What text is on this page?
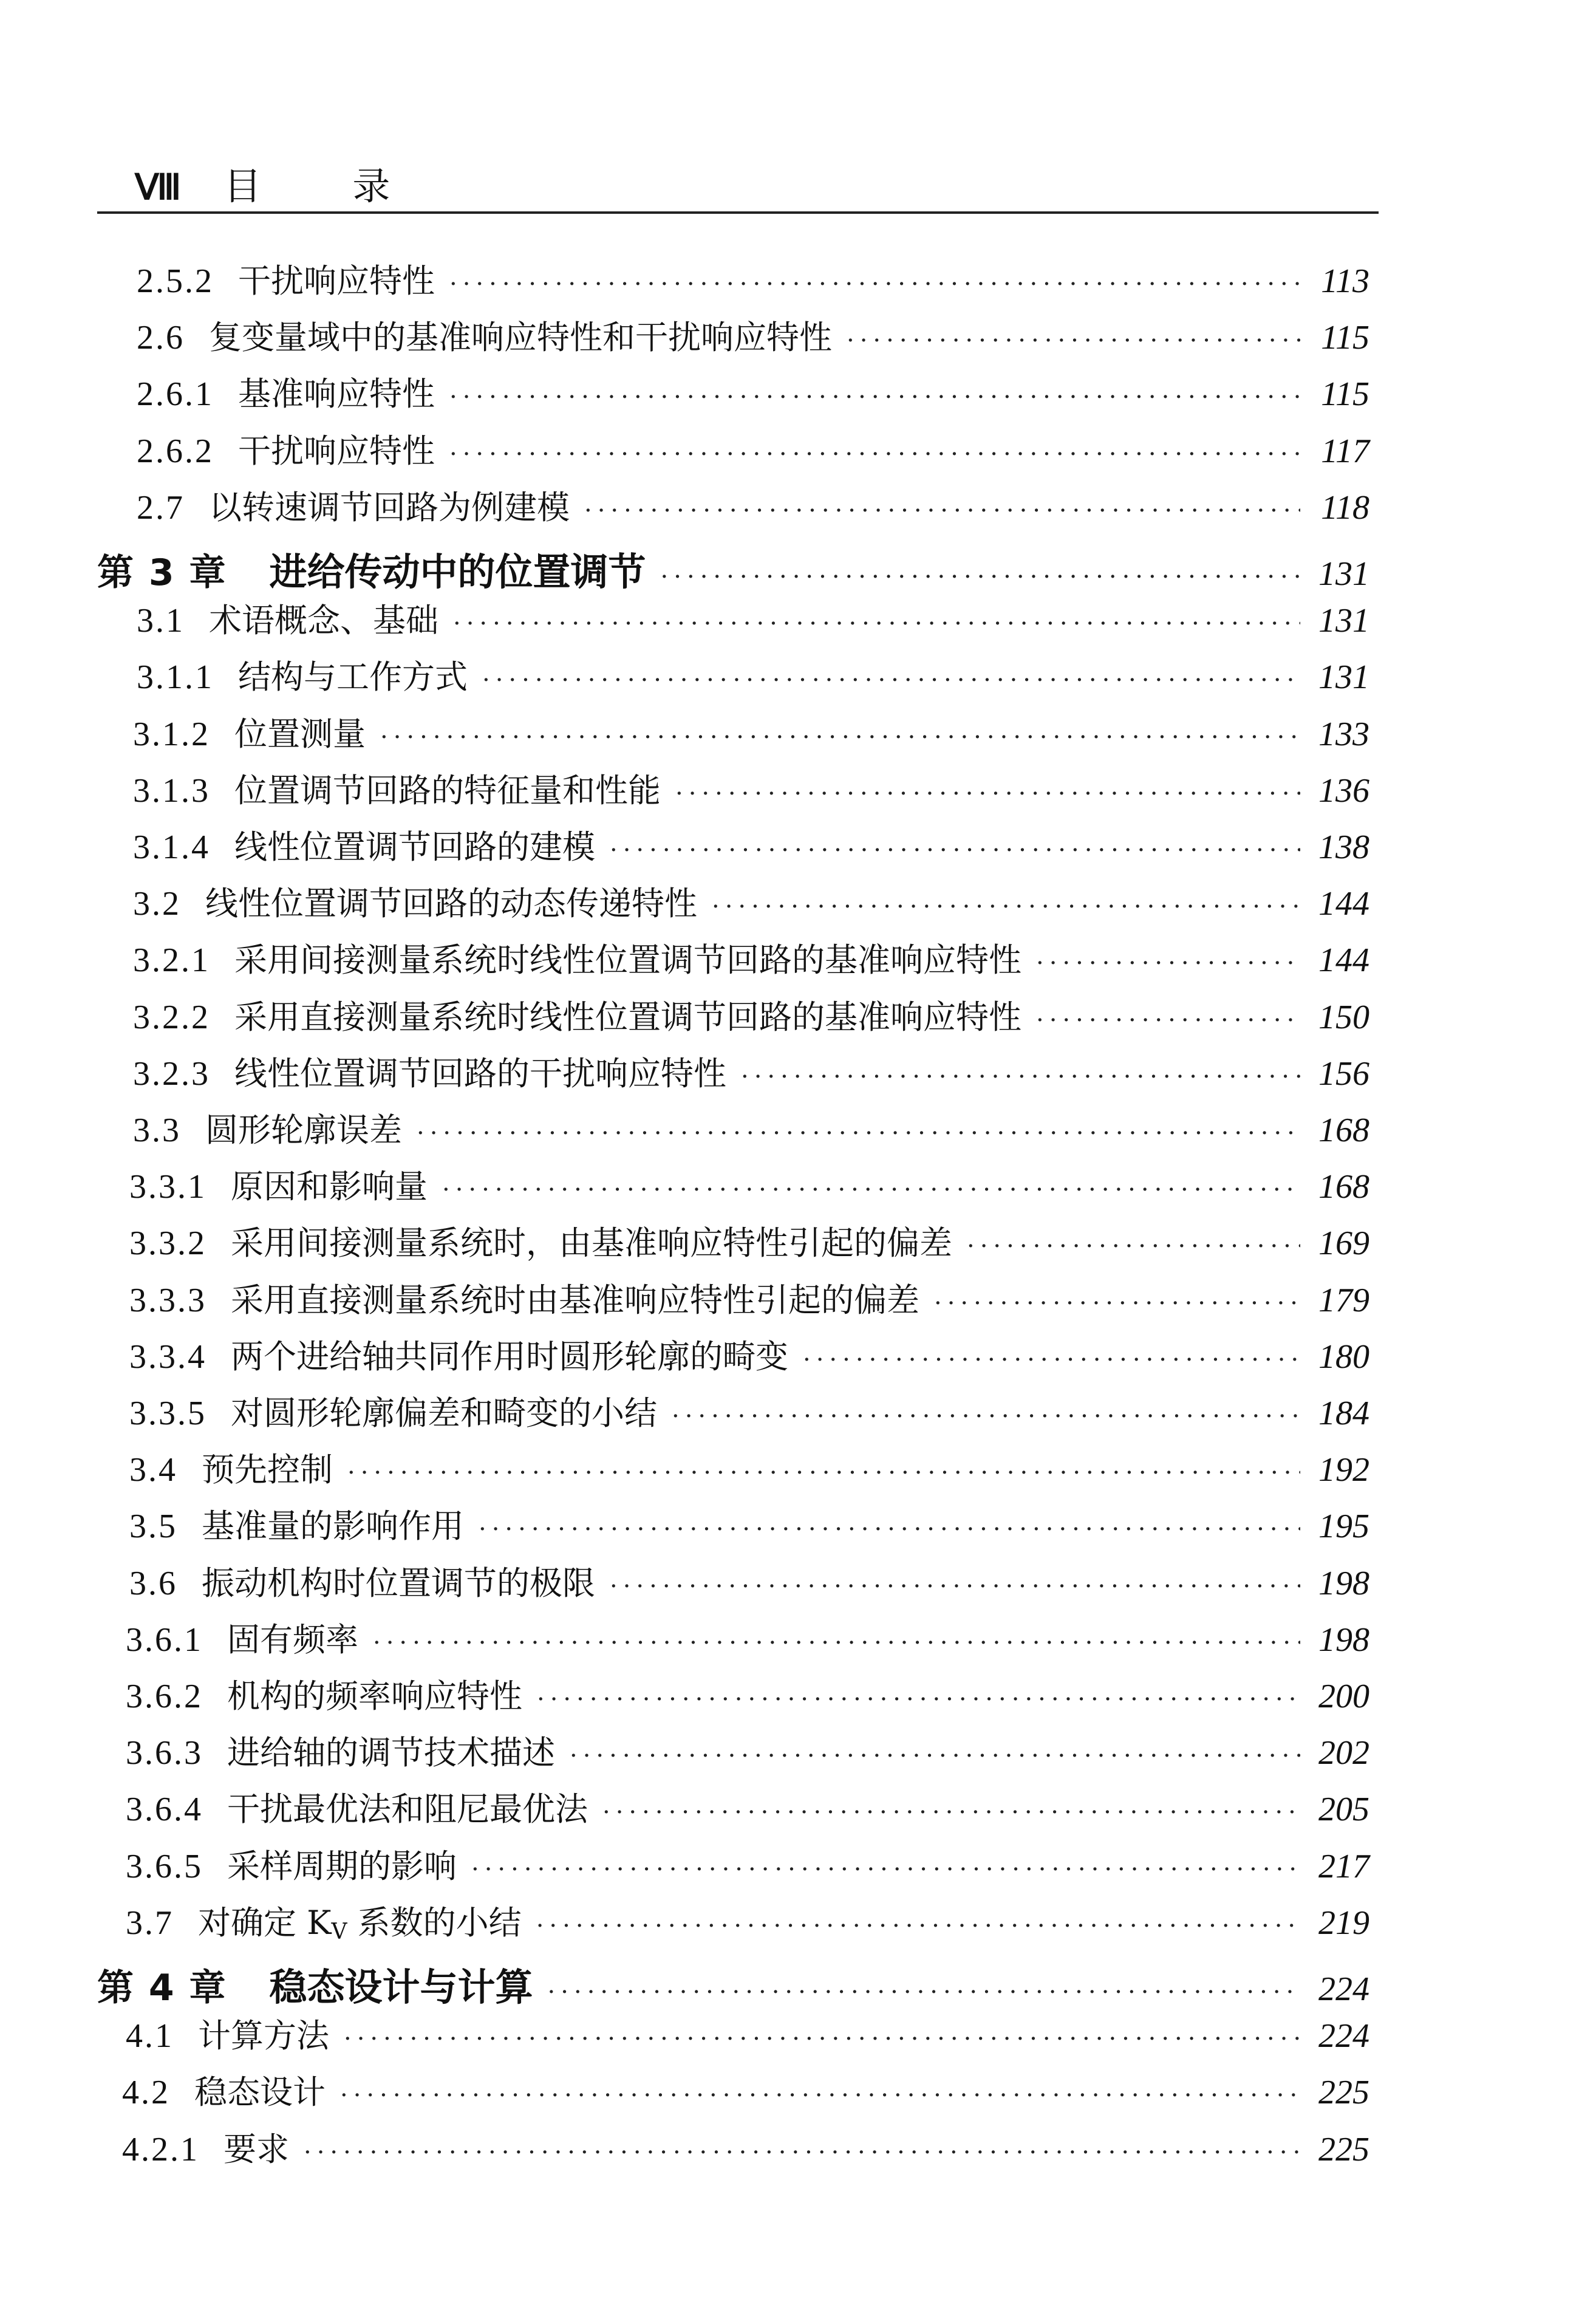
Ⅷ 目录
2.5.2 干扰响应特性 ·····	113
2.6 复变量域中的基准响应特性和干扰响应特性 ·····	115
2.6.1 基准响应特性 ·····	115
2.6.2 干扰响应特性 ·····	117
2.7 以转速调节回路为例建模 ·····	118
第 3 章 进给传动中的位置调节 ·····	131
3.1 术语概念、基础 ·····	131
3.1.1 结构与工作方式 ·····	131
3.1.2 位置测量 ·····	133
3.1.3 位置调节回路的特征量和性能 ·····	136
3.1.4 线性位置调节回路的建模 ·····	138
3.2 线性位置调节回路的动态传递特性 ·····	144
3.2.1 采用间接测量系统时线性位置调节回路的基准响应特性 ·····	144
3.2.2 采用直接测量系统时线性位置调节回路的基准响应特性 ·····	150
3.2.3 线性位置调节回路的干扰响应特性 ·····	156
3.3 圆形轮廓误差 ·····	168
3.3.1 原因和影响量 ·····	168
3.3.2 采用间接测量系统时，由基准响应特性引起的偏差 ·····	169
3.3.3 采用直接测量系统时由基准响应特性引起的偏差 ·····	179
3.3.4 两个进给轴共同作用时圆形轮廓的畸变 ·····	180
3.3.5 对圆形轮廓偏差和畸变的小结 ·····	184
3.4 预先控制 ·····	192
3.5 基准量的影响作用 ·····	195
3.6 振动机构时位置调节的极限 ·····	198
3.6.1 固有频率 ·····	198
3.6.2 机构的频率响应特性 ·····	200
3.6.3 进给轴的调节技术描述 ·····	202
3.6.4 干扰最优法和阻尼最优法 ·····	205
3.6.5 采样周期的影响 ·····	217
3.7 对确定 KV 系数的小结 ·····	219
第 4 章 稳态设计与计算 ·····	224
4.1 计算方法 ·····	224
4.2 稳态设计 ·····	225
4.2.1 要求 ·····	225
